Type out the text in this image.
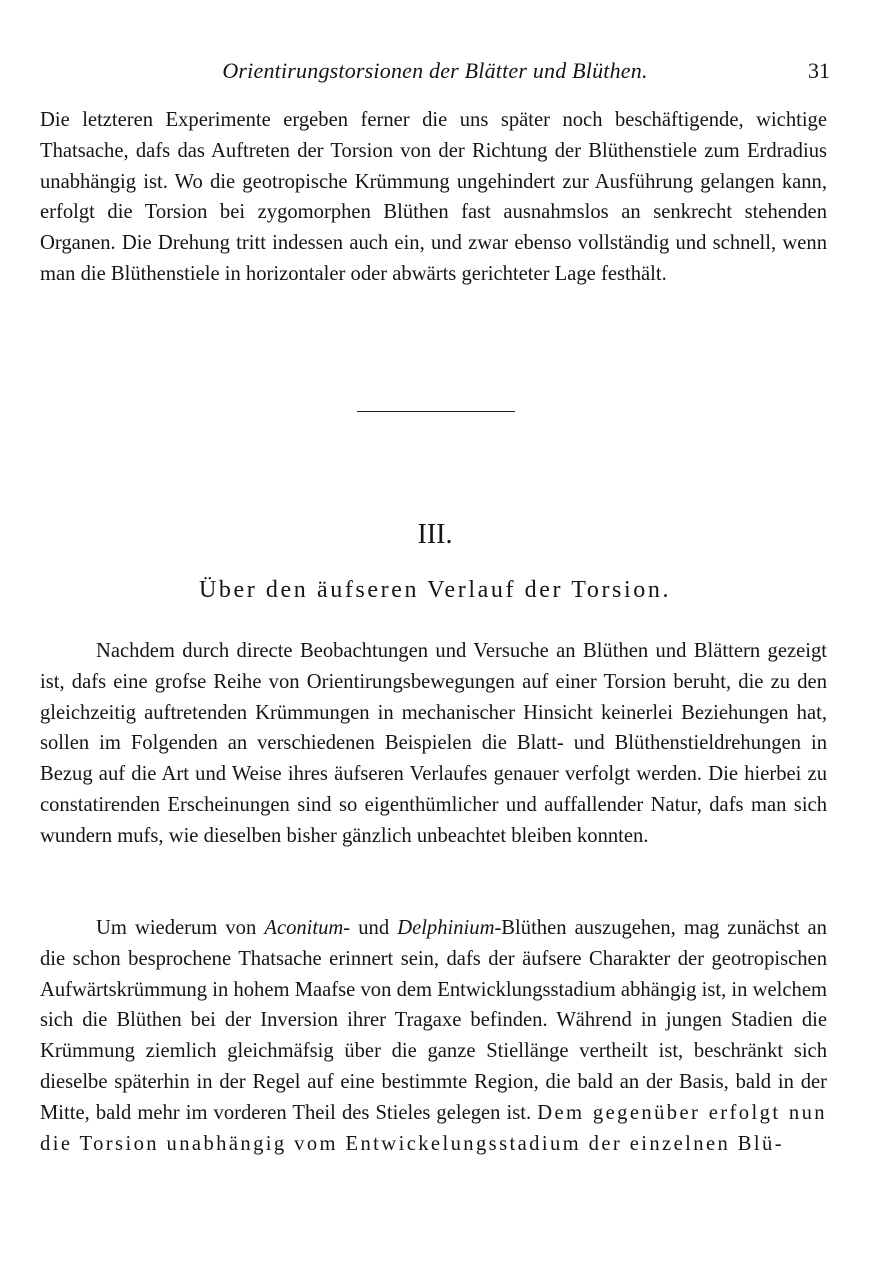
Orientirungstorsionen der Blätter und Blüthen.	31

Die letzteren Experimente ergeben ferner die uns später noch beschäftigende, wichtige Thatsache, dafs das Auftreten der Torsion von der Richtung der Blüthenstiele zum Erdradius unabhängig ist. Wo die geotropische Krümmung ungehindert zur Ausführung gelangen kann, erfolgt die Torsion bei zygomorphen Blüthen fast ausnahmslos an senkrecht stehenden Organen. Die Drehung tritt indessen auch ein, und zwar ebenso vollständig und schnell, wenn man die Blüthenstiele in horizontaler oder abwärts gerichteter Lage festhält.

III.
Über den äufseren Verlauf der Torsion.

Nachdem durch directe Beobachtungen und Versuche an Blüthen und Blättern gezeigt ist, dafs eine grofse Reihe von Orientirungsbewegungen auf einer Torsion beruht, die zu den gleichzeitig auftretenden Krümmungen in mechanischer Hinsicht keinerlei Beziehungen hat, sollen im Folgenden an verschiedenen Beispielen die Blatt- und Blüthenstieldrehungen in Bezug auf die Art und Weise ihres äufseren Verlaufes genauer verfolgt werden. Die hierbei zu constatirenden Erscheinungen sind so eigenthümlicher und auffallender Natur, dafs man sich wundern mufs, wie dieselben bisher gänzlich unbeachtet bleiben konnten.

Um wiederum von Aconitum- und Delphinium-Blüthen auszugehen, mag zunächst an die schon besprochene Thatsache erinnert sein, dafs der äufsere Charakter der geotropischen Aufwärtskrümmung in hohem Maafse von dem Entwicklungsstadium abhängig ist, in welchem sich die Blüthen bei der Inversion ihrer Tragaxe befinden. Während in jungen Stadien die Krümmung ziemlich gleichmäfsig über die ganze Stiellänge vertheilt ist, beschränkt sich dieselbe späterhin in der Regel auf eine bestimmte Region, die bald an der Basis, bald in der Mitte, bald mehr im vorderen Theil des Stieles gelegen ist. Dem gegenüber erfolgt nun die Torsion unabhängig vom Entwickelungsstadium der einzelnen Blü-
